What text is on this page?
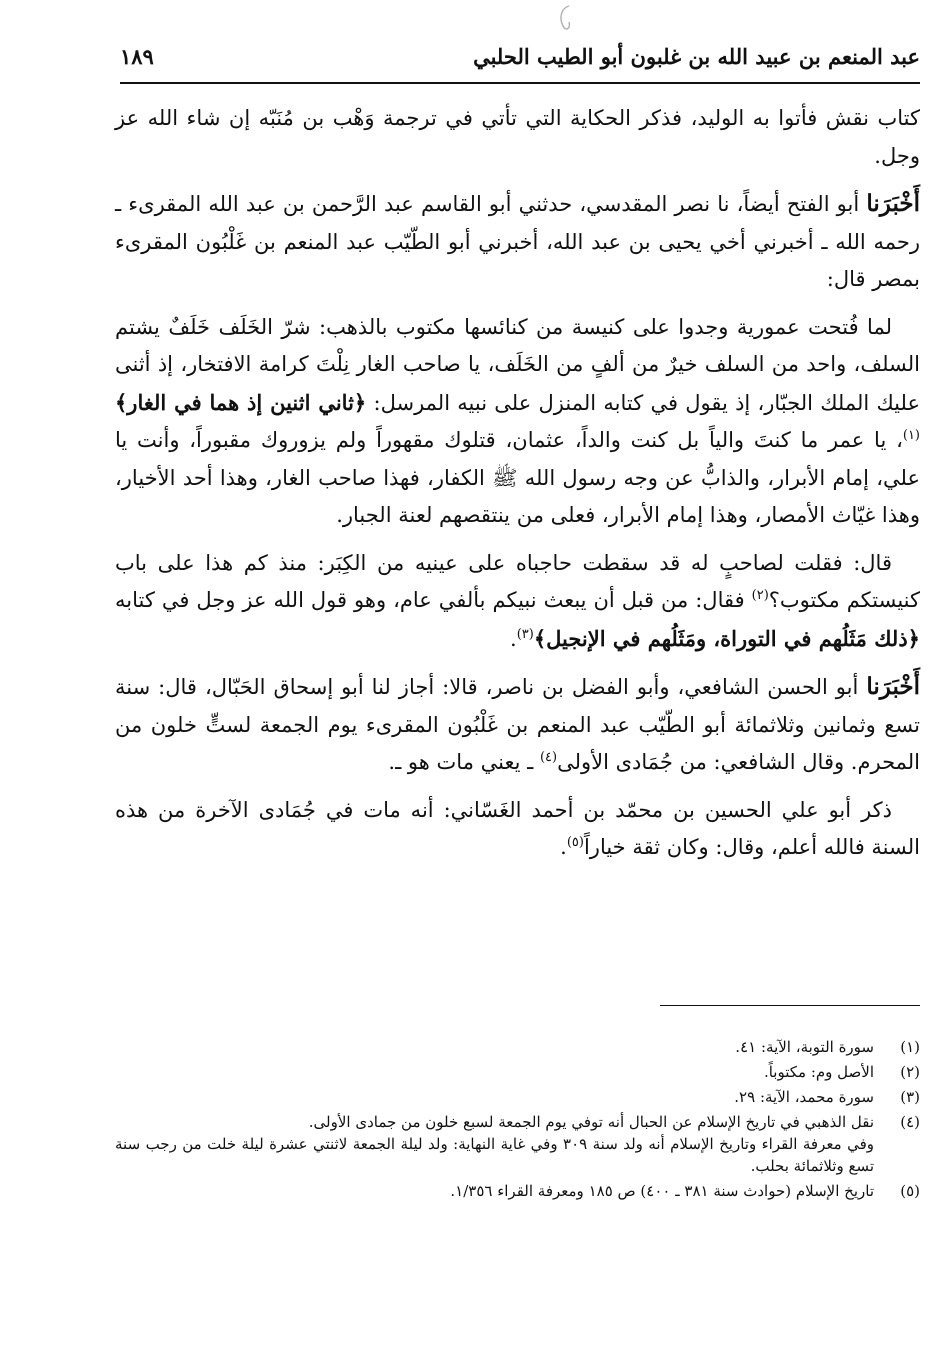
عبد المنعم بن عبيد الله بن غلبون أبو الطيب الحلبي
١٨٩

كتاب نقش فأتوا به الوليد، فذكر الحكاية التي تأتي في ترجمة وَهْب بن مُنَبّه إن شاء الله عز وجل.

أَخْبَرَنا أبو الفتح أيضاً، نا نصر المقدسي، حدثني أبو القاسم عبد الرَّحمن بن عبد الله المقرىء ـ رحمه الله ـ أخبرني أخي يحيى بن عبد الله، أخبرني أبو الطّيّب عبد المنعم بن غَلْبُون المقرىء بمصر قال:

لما فُتحت عمورية وجدوا على كنيسة من كنائسها مكتوب بالذهب: شرّ الخَلَف خَلَفٌ يشتم السلف، واحد من السلف خيرٌ من ألفٍ من الخَلَف، يا صاحب الغار نِلْتَ كرامة الافتخار، إذ أثنى عليك الملك الجبّار، إذ يقول في كتابه المنزل على نبيه المرسل: ﴿ثاني اثنين إذ هما في الغار﴾$^{(١)}$، يا عمر ما كنتَ والياً بل كنت والداً، عثمان، قتلوك مقهوراً ولم يزوروك مقبوراً، وأنت يا علي، إمام الأبرار، والذابُّ عن وجه رسول الله ﷺ الكفار، فهذا صاحب الغار، وهذا أحد الأخيار، وهذا غيّاث الأمصار، وهذا إمام الأبرار، فعلى من ينتقصهم لعنة الجبار.

قال: فقلت لصاحبٍ له قد سقطت حاجباه على عينيه من الكِبَر: منذ كم هذا على باب كنيستكم مكتوب؟$^{(٢)}$ فقال: من قبل أن يبعث نبيكم بألفي عام، وهو قول الله عز وجل في كتابه ﴿ذلك مَثَلُهم في التوراة، ومَثَلُهم في الإنجيل﴾$^{(٣)}$.

أَخْبَرَنا أبو الحسن الشافعي، وأبو الفضل بن ناصر، قالا: أجاز لنا أبو إسحاق الحَبّال، قال: سنة تسع وثمانين وثلاثمائة أبو الطّيّب عبد المنعم بن غَلْبُون المقرىء يوم الجمعة لستٍّ خلون من المحرم. وقال الشافعي: من جُمَادى الأولى$^{(٤)}$ ـ يعني مات هو ـ.

ذكر أبو علي الحسين بن محمّد بن أحمد الغَسّاني: أنه مات في جُمَادى الآخرة من هذه السنة فالله أعلم، وقال: وكان ثقة خياراً$^{(٥)}$.

(١)
سورة التوبة، الآية: ٤١.
(٢)
الأصل وم: مكتوباً.
(٣)
سورة محمد، الآية: ٢٩.
(٤)
نقل الذهبي في تاريخ الإسلام عن الحبال أنه توفي يوم الجمعة لسبع خلون من جمادى الأولى.
وفي معرفة القراء وتاريخ الإسلام أنه ولد سنة ٣٠٩ وفي غاية النهاية: ولد ليلة الجمعة لاثنتي عشرة ليلة خلت من رجب سنة تسع وثلاثمائة بحلب.
(٥)
تاريخ الإسلام (حوادث سنة ٣٨١ ـ ٤٠٠) ص ١٨٥ ومعرفة القراء ١/٣٥٦.
